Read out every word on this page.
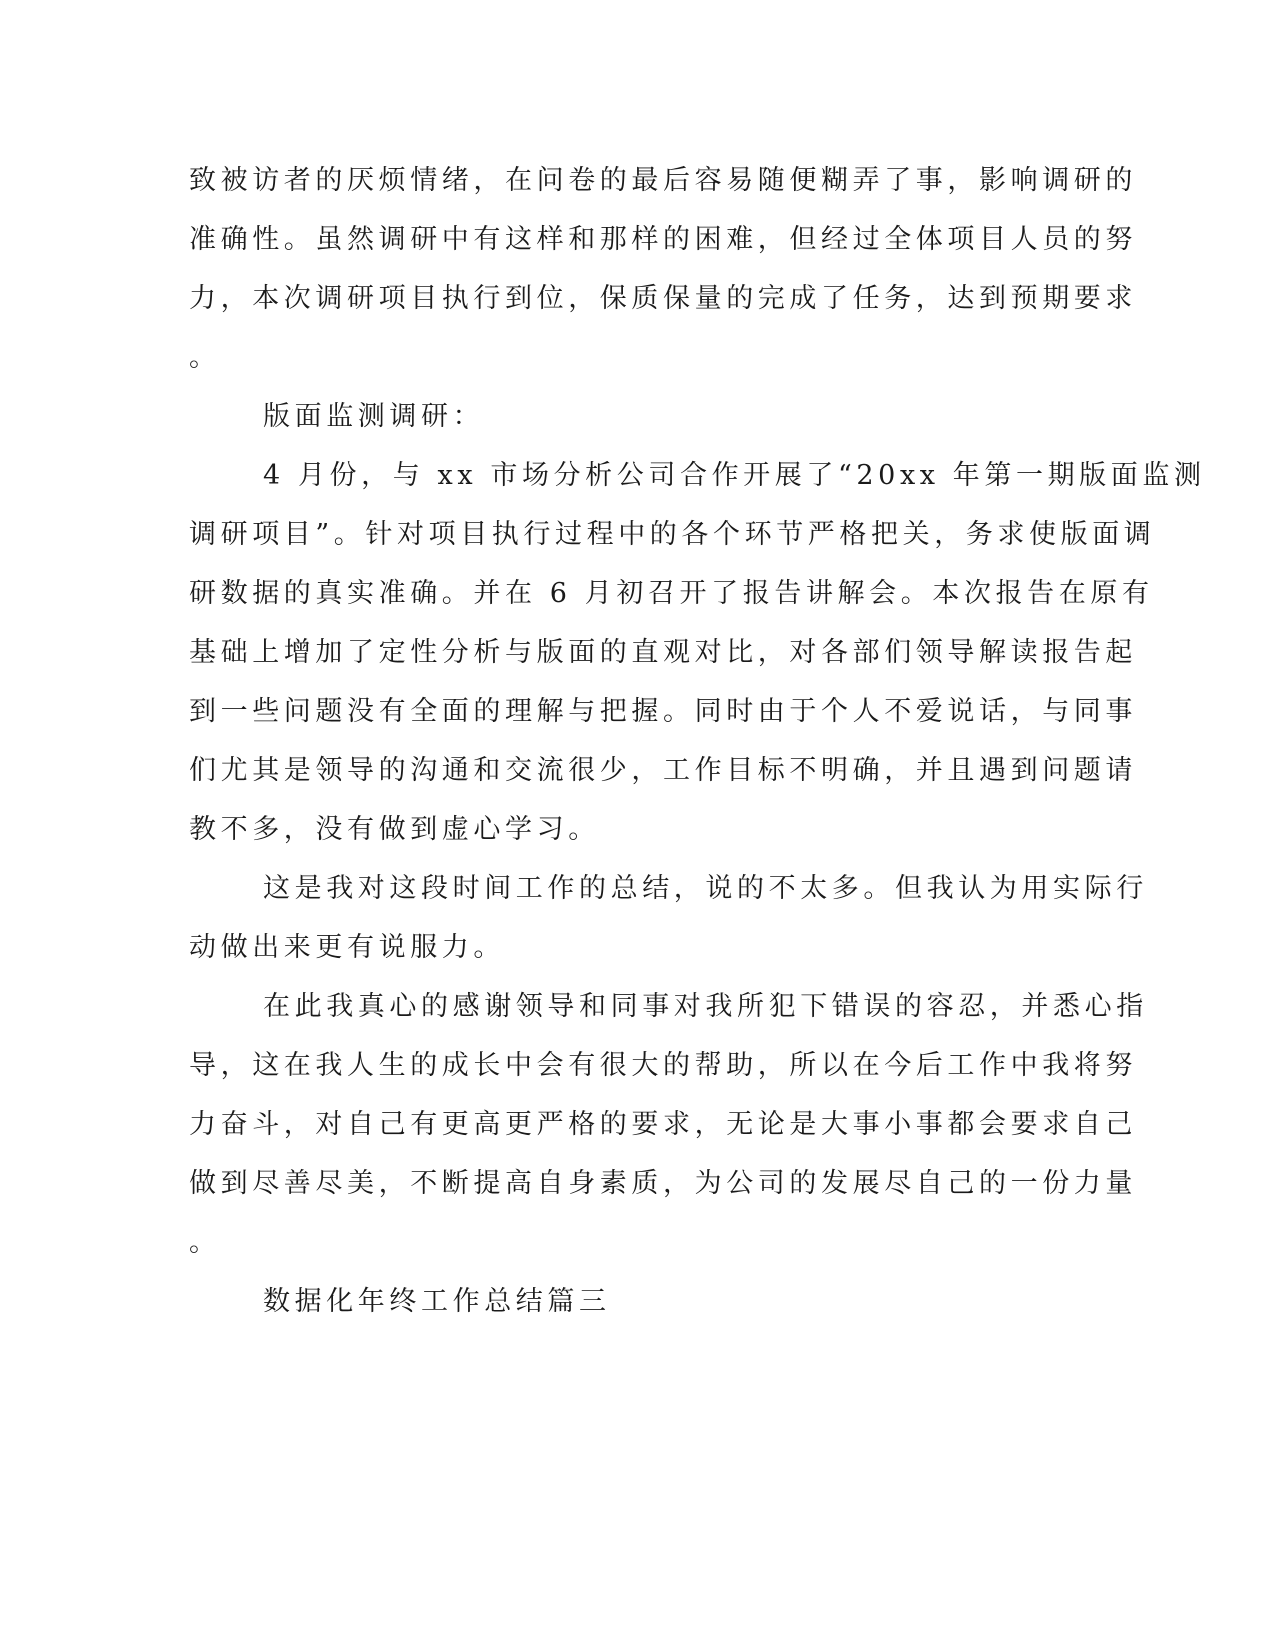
致被访者的厌烦情绪，在问卷的最后容易随便糊弄了事，影响调研的
准确性。虽然调研中有这样和那样的困难，但经过全体项目人员的努
力，本次调研项目执行到位，保质保量的完成了任务，达到预期要求
。
版面监测调研：
4 月份，与 xx 市场分析公司合作开展了“20xx 年第一期版面监测
调研项目”。针对项目执行过程中的各个环节严格把关，务求使版面调
研数据的真实准确。并在 6 月初召开了报告讲解会。本次报告在原有
基础上增加了定性分析与版面的直观对比，对各部们领导解读报告起
到一些问题没有全面的理解与把握。同时由于个人不爱说话，与同事
们尤其是领导的沟通和交流很少，工作目标不明确，并且遇到问题请
教不多，没有做到虚心学习。
这是我对这段时间工作的总结，说的不太多。但我认为用实际行
动做出来更有说服力。
在此我真心的感谢领导和同事对我所犯下错误的容忍，并悉心指
导，这在我人生的成长中会有很大的帮助，所以在今后工作中我将努
力奋斗，对自己有更高更严格的要求，无论是大事小事都会要求自己
做到尽善尽美，不断提高自身素质，为公司的发展尽自己的一份力量
。
数据化年终工作总结篇三
